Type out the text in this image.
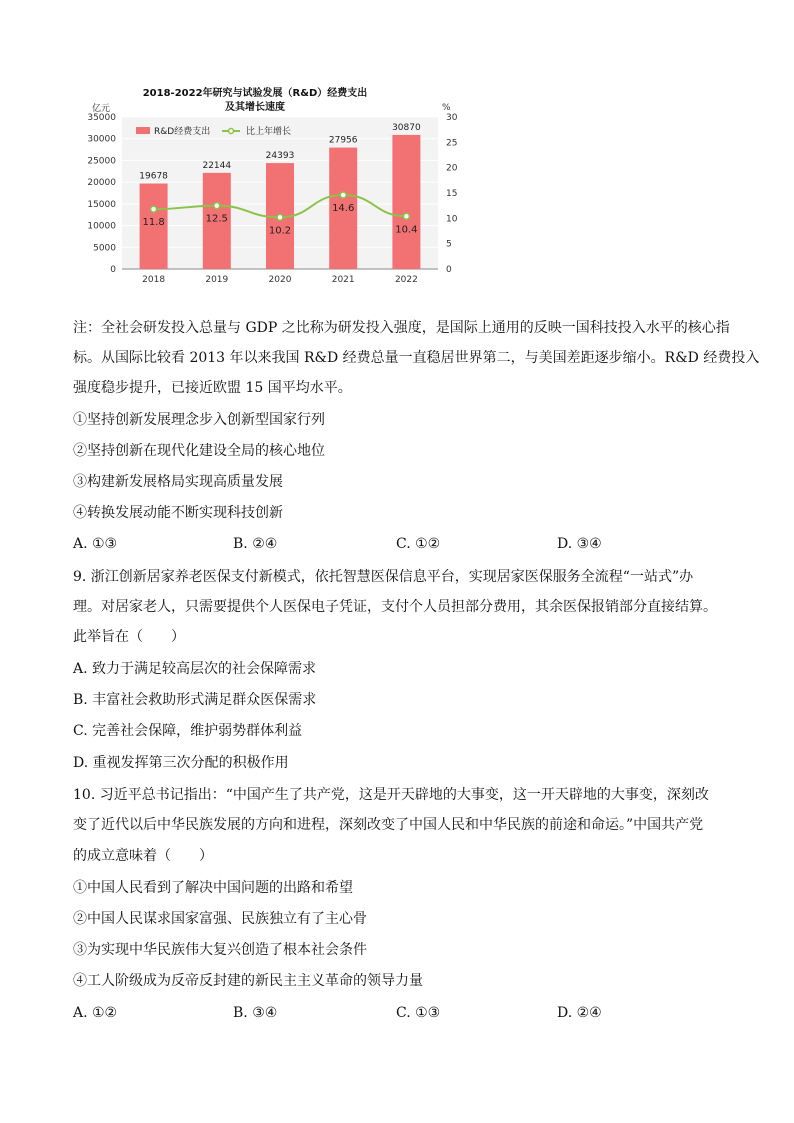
2018-2022年研究与试验发展（R&D）经费支出
及其增长速度
0
5000
10000
15000
20000
25000
30000
35000
0
5
10
15
20
25
30
亿元	%
19678
2018
22144
2019
24393
2020
27956
2021
30870
2022
11.8	12.5
10.2
14.6
10.4
R&D经费支出	比上年增长
注：全社会研发投入总量与 GDP 之比称为研发投入强度，是国际上通用的反映一国科技投入水平的核心指
标。从国际比较看 2013 年以来我国 R&D 经费总量一直稳居世界第二，与美国差距逐步缩小。R&D 经费投入
强度稳步提升，已接近欧盟 15 国平均水平。
①坚持创新发展理念步入创新型国家行列
②坚持创新在现代化建设全局的核心地位
③构建新发展格局实现高质量发展
④转换发展动能不断实现科技创新
A. ①③	B. ②④	C. ①②	D. ③④
9. 浙江创新居家养老医保支付新模式，依托智慧医保信息平台，实现居家医保服务全流程“一站式”办
理。对居家老人，只需要提供个人医保电子凭证，支付个人员担部分费用，其余医保报销部分直接结算。
此举旨在（　　）
A. 致力于满足较高层次的社会保障需求
B. 丰富社会救助形式满足群众医保需求
C. 完善社会保障，维护弱势群体利益
D. 重视发挥第三次分配的积极作用
10. 习近平总书记指出：“中国产生了共产党，这是开天辟地的大事变，这一开天辟地的大事变，深刻改
变了近代以后中华民族发展的方向和进程，深刻改变了中国人民和中华民族的前途和命运。”中国共产党
的成立意味着（　　）
①中国人民看到了解决中国问题的出路和希望
②中国人民谋求国家富强、民族独立有了主心骨
③为实现中华民族伟大复兴创造了根本社会条件
④工人阶级成为反帝反封建的新民主主义革命的领导力量
A. ①②	B. ③④	C. ①③	D. ②④
